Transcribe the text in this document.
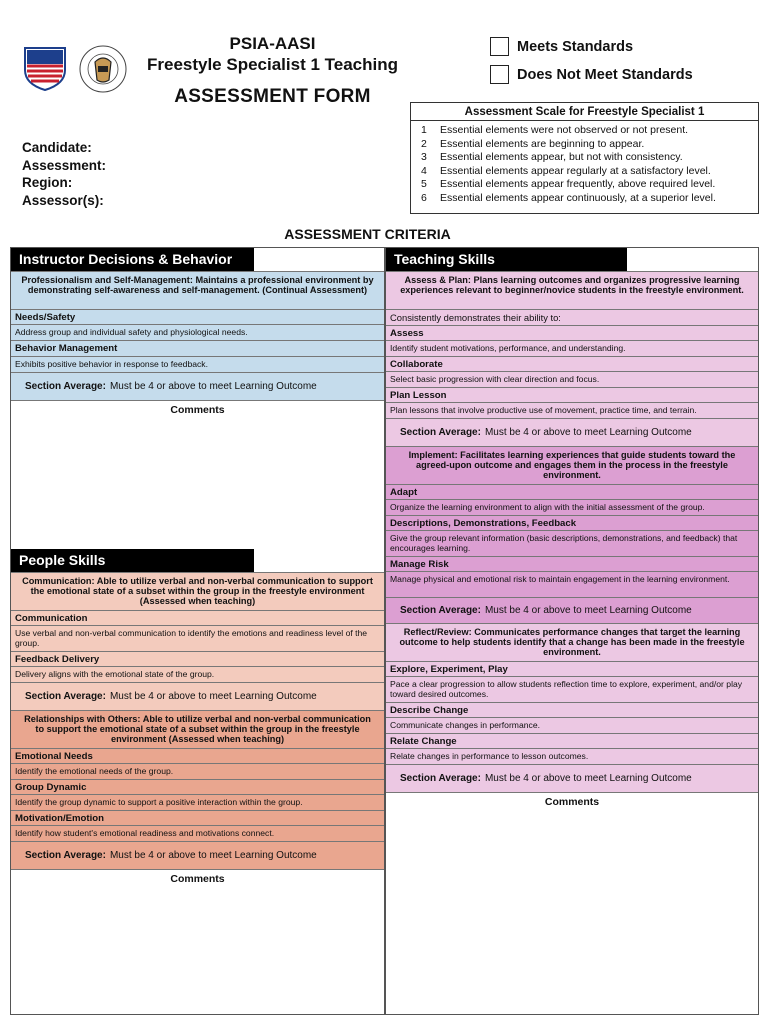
PSIA-AASI
Freestyle Specialist 1 Teaching
ASSESSMENT FORM
Meets Standards
Does Not Meet Standards
Assessment Scale for Freestyle Specialist 1
1	Essential elements were not observed or not present.
2	Essential elements are beginning to appear.
3	Essential elements appear, but not with consistency.
4	Essential elements appear regularly at a satisfactory level.
5	Essential elements appear frequently, above required level.
6	Essential elements appear continuously, at a superior level.
Candidate:
Assessment:
Region:
Assessor(s):
ASSESSMENT CRITERIA
Instructor Decisions & Behavior
Professionalism and Self-Management: Maintains a professional environment by demonstrating self-awareness and self-management. (Continual Assessment)
Needs/Safety
Address group and individual safety and physiological needs.
Behavior Management
Exhibits positive behavior in response to feedback.
Section Average: Must be 4 or above to meet Learning Outcome
Comments
People Skills
Communication: Able to utilize verbal and non-verbal communication to support the emotional state of a subset within the group in the freestyle environment (Assessed when teaching)
Communication
Use verbal and non-verbal communication to identify the emotions and readiness level of the group.
Feedback Delivery
Delivery aligns with the emotional state of the group.
Section Average: Must be 4 or above to meet Learning Outcome
Relationships with Others: Able to utilize verbal and non-verbal communication to support the emotional state of a subset within the group in the freestyle environment (Assessed when teaching)
Emotional Needs
Identify the emotional needs of the group.
Group Dynamic
Identify the group dynamic to support a positive interaction within the group.
Motivation/Emotion
Identify how student's emotional readiness and motivations connect.
Section Average: Must be 4 or above to meet Learning Outcome
Comments
Teaching Skills
Assess & Plan: Plans learning outcomes and organizes progressive learning experiences relevant to beginner/novice students in the freestyle environment.
Consistently demonstrates their ability to:
Assess
Identify student motivations, performance, and understanding.
Collaborate
Select basic progression with clear direction and focus.
Plan Lesson
Plan lessons that involve productive use of movement, practice time, and terrain.
Section Average: Must be 4 or above to meet Learning Outcome
Implement: Facilitates learning experiences that guide students toward the agreed-upon outcome and engages them in the process in the freestyle environment.
Adapt
Organize the learning environment to align with the initial assessment of the group.
Descriptions, Demonstrations, Feedback
Give the group relevant information (basic descriptions, demonstrations, and feedback) that encourages learning.
Manage Risk
Manage physical and emotional risk to maintain engagement in the learning environment.
Section Average: Must be 4 or above to meet Learning Outcome
Reflect/Review: Communicates performance changes that target the learning outcome to help students identify that a change has been made in the freestyle environment.
Explore, Experiment, Play
Pace a clear progression to allow students reflection time to explore, experiment, and/or play toward desired outcomes.
Describe Change
Communicate changes in performance.
Relate Change
Relate changes in performance to lesson outcomes.
Section Average: Must be 4 or above to meet Learning Outcome
Comments
